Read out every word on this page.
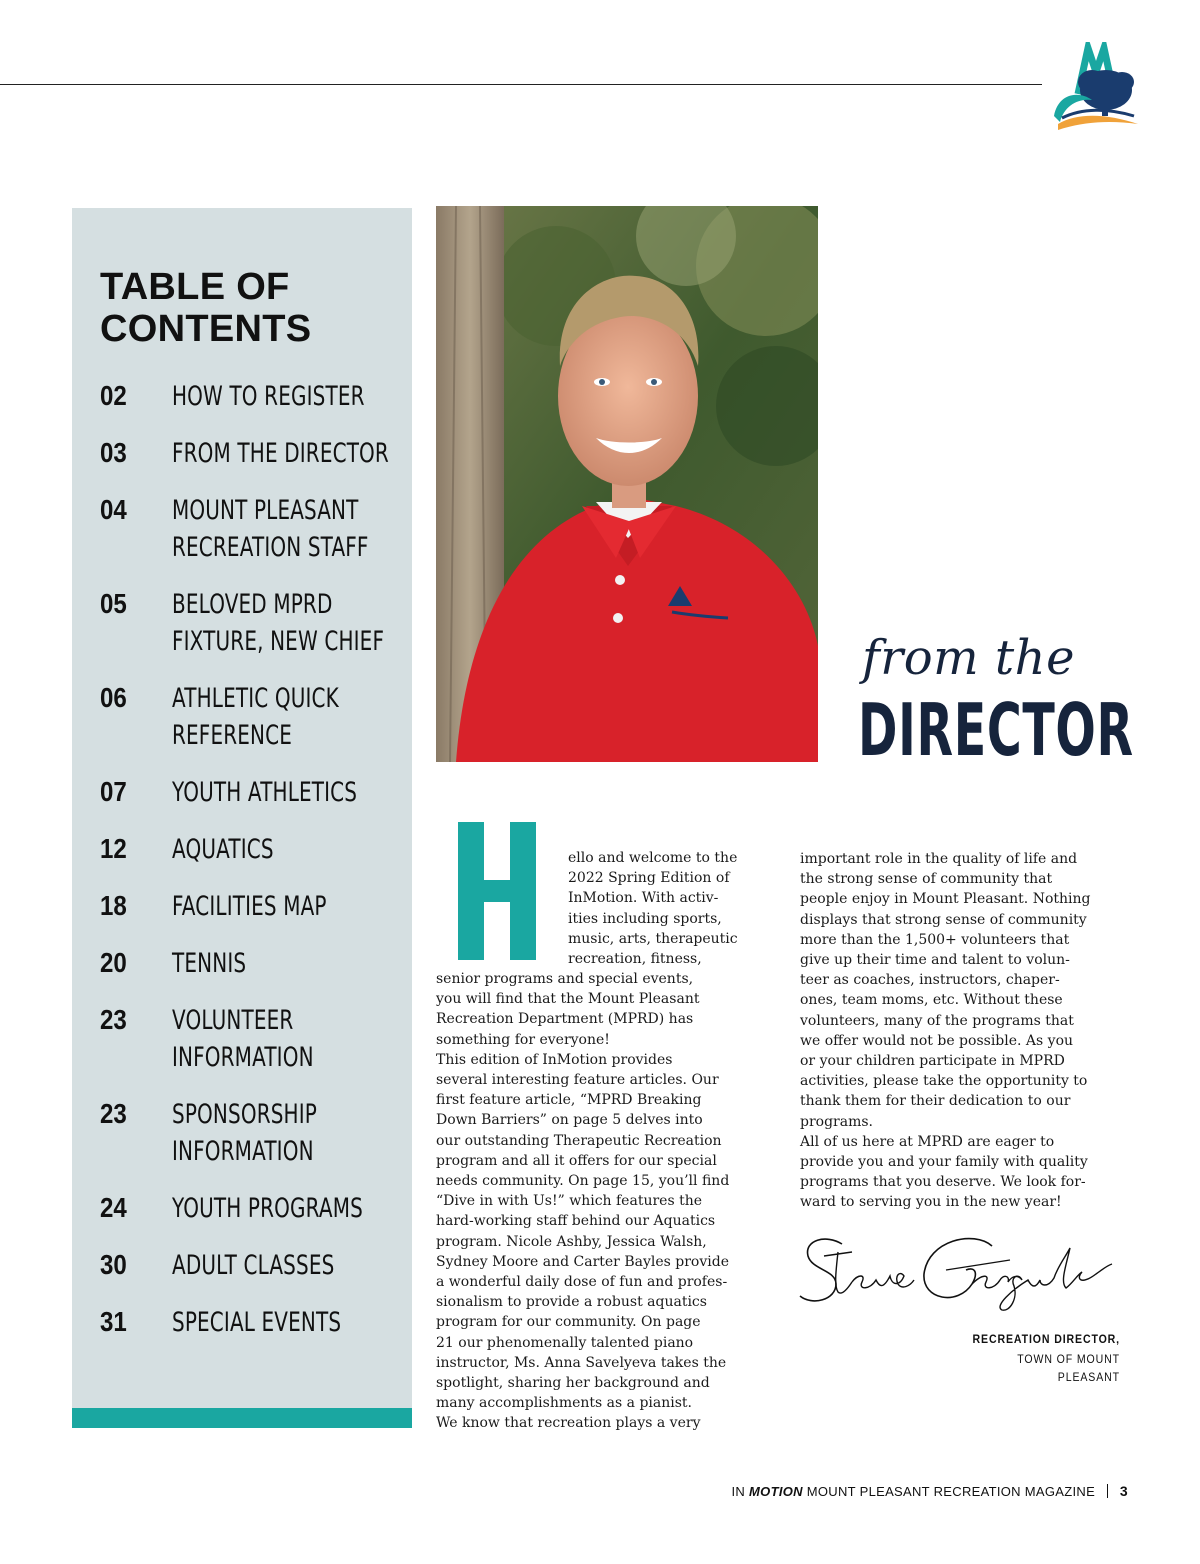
TABLE OF
CONTENTS
02	HOW TO REGISTER
03	FROM THE DIRECTOR
04	MOUNT PLEASANT
RECREATION STAFF
05	BELOVED MPRD
FIXTURE, NEW CHIEF
06	ATHLETIC QUICK
REFERENCE
07	YOUTH ATHLETICS
12	AQUATICS
18	FACILITIES MAP
20	TENNIS
23	VOLUNTEER
INFORMATION
23	SPONSORSHIP
INFORMATION
24	YOUTH PROGRAMS
30	ADULT CLASSES
31	SPECIAL EVENTS

from the

DIRECTOR
H

ello and welcome to the

2022 Spring Edition of

InMotion. With activ-

ities including sports,

music, arts, therapeutic

recreation, fitness,

senior programs and special events,

you will find that the Mount Pleasant

Recreation Department (MPRD) has

something for everyone!

This edition of InMotion provides

several interesting feature articles. Our

first feature article, “MPRD Breaking

Down Barriers” on page 5 delves into

our outstanding Therapeutic Recreation

program and all it offers for our special

needs community. On page 15, you’ll find

“Dive in with Us!” which features the

hard-working staff behind our Aquatics

program. Nicole Ashby, Jessica Walsh,

Sydney Moore and Carter Bayles provide

a wonderful daily dose of fun and profes-

sionalism to provide a robust aquatics

program for our community. On page

21 our phenomenally talented piano

instructor, Ms. Anna Savelyeva takes the

spotlight, sharing her background and

many accomplishments as a pianist.

We know that recreation plays a very

important role in the quality of life and

the strong sense of community that

people enjoy in Mount Pleasant. Nothing

displays that strong sense of community

more than the 1,500+ volunteers that

give up their time and talent to volun-

teer as coaches, instructors, chaper-

ones, team moms, etc. Without these

volunteers, many of the programs that

we offer would not be possible. As you

or your children participate in MPRD

activities, please take the opportunity to

thank them for their dedication to our

programs.

All of us here at MPRD are eager to

provide you and your family with quality

programs that you deserve. We look for-

ward to serving you in the new year!

Steve Gergick
RECREATION DIRECTOR,
TOWN OF MOUNT PLEASANT
IN MOTION MOUNT PLEASANT RECREATION MAGAZINE 3
